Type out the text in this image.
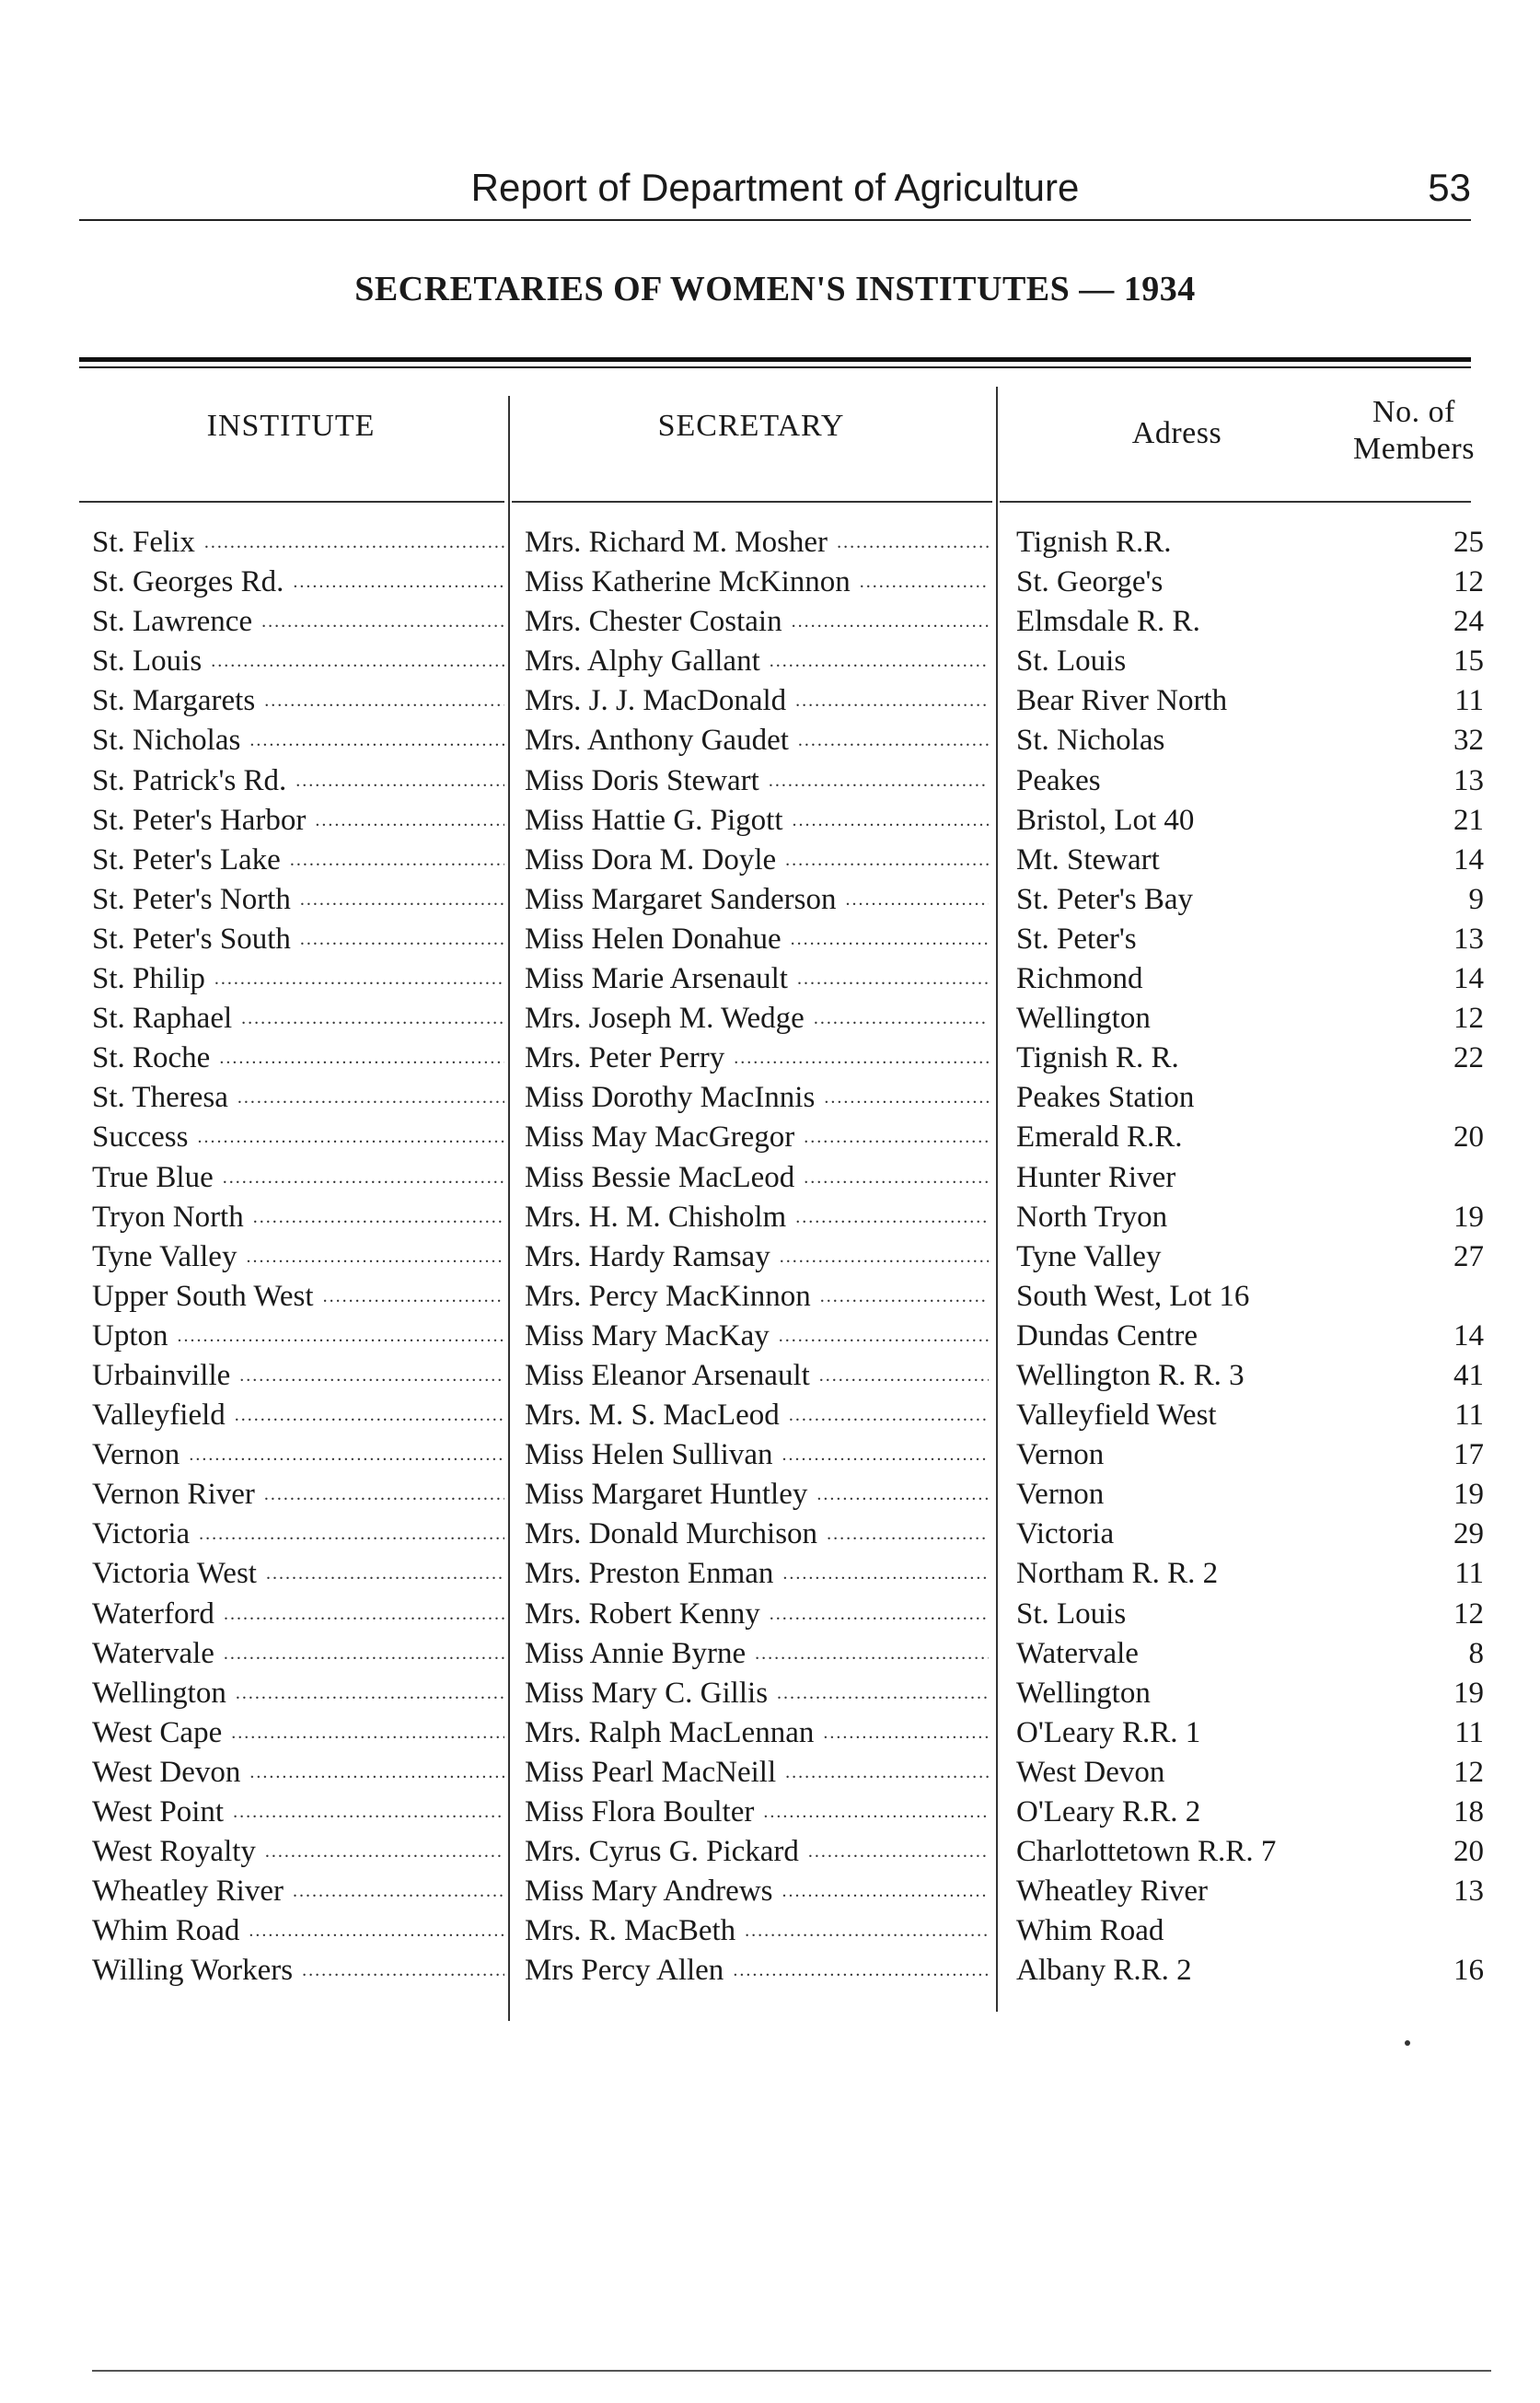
Report of Department of Agriculture	53
SECRETARIES OF WOMEN'S INSTITUTES — 1934
INSTITUTE	SECRETARY	Adress
No. of
Members
St. Felix .....	Mrs. Richard M. Mosher .....	Tignish R.R.	25
St. Georges Rd. .....	Miss Katherine McKinnon .....	St. George's	12
St. Lawrence .....	Mrs. Chester Costain .....	Elmsdale R. R.	24
St. Louis .....	Mrs. Alphy Gallant .....	St. Louis	15
St. Margarets .....	Mrs. J. J. MacDonald .....	Bear River North	11
St. Nicholas .....	Mrs. Anthony Gaudet .....	St. Nicholas	32
St. Patrick's Rd. .....	Miss Doris Stewart .....	Peakes	13
St. Peter's Harbor .....	Miss Hattie G. Pigott .....	Bristol, Lot 40	21
St. Peter's Lake .....	Miss Dora M. Doyle .....	Mt. Stewart	14
St. Peter's North .....	Miss Margaret Sanderson .....	St. Peter's Bay	9
St. Peter's South .....	Miss Helen Donahue .....	St. Peter's	13
St. Philip .....	Miss Marie Arsenault .....	Richmond	14
St. Raphael .....	Mrs. Joseph M. Wedge .....	Wellington	12
St. Roche .....	Mrs. Peter Perry .....	Tignish R. R.	22
St. Theresa .....	Miss Dorothy MacInnis .....	Peakes Station
Success .....	Miss May MacGregor .....	Emerald R.R.	20
True Blue .....	Miss Bessie MacLeod .....	Hunter River
Tryon North .....	Mrs. H. M. Chisholm .....	North Tryon	19
Tyne Valley .....	Mrs. Hardy Ramsay .....	Tyne Valley	27
Upper South West .....	Mrs. Percy MacKinnon .....	South West, Lot 16
Upton .....	Miss Mary MacKay .....	Dundas Centre	14
Urbainville .....	Miss Eleanor Arsenault .....	Wellington R. R. 3	41
Valleyfield .....	Mrs. M. S. MacLeod .....	Valleyfield West	11
Vernon .....	Miss Helen Sullivan .....	Vernon	17
Vernon River .....	Miss Margaret Huntley .....	Vernon	19
Victoria .....	Mrs. Donald Murchison .....	Victoria	29
Victoria West .....	Mrs. Preston Enman .....	Northam R. R. 2	11
Waterford .....	Mrs. Robert Kenny .....	St. Louis	12
Watervale .....	Miss Annie Byrne .....	Watervale	8
Wellington .....	Miss Mary C. Gillis .....	Wellington	19
West Cape .....	Mrs. Ralph MacLennan .....	O'Leary R.R. 1	11
West Devon .....	Miss Pearl MacNeill .....	West Devon	12
West Point .....	Miss Flora Boulter .....	O'Leary R.R. 2	18
West Royalty .....	Mrs. Cyrus G. Pickard .....	Charlottetown R.R. 7	20
Wheatley River .....	Miss Mary Andrews .....	Wheatley River	13
Whim Road .....	Mrs. R. MacBeth .....	Whim Road
Willing Workers .....	Mrs Percy Allen .....	Albany R.R. 2	16
